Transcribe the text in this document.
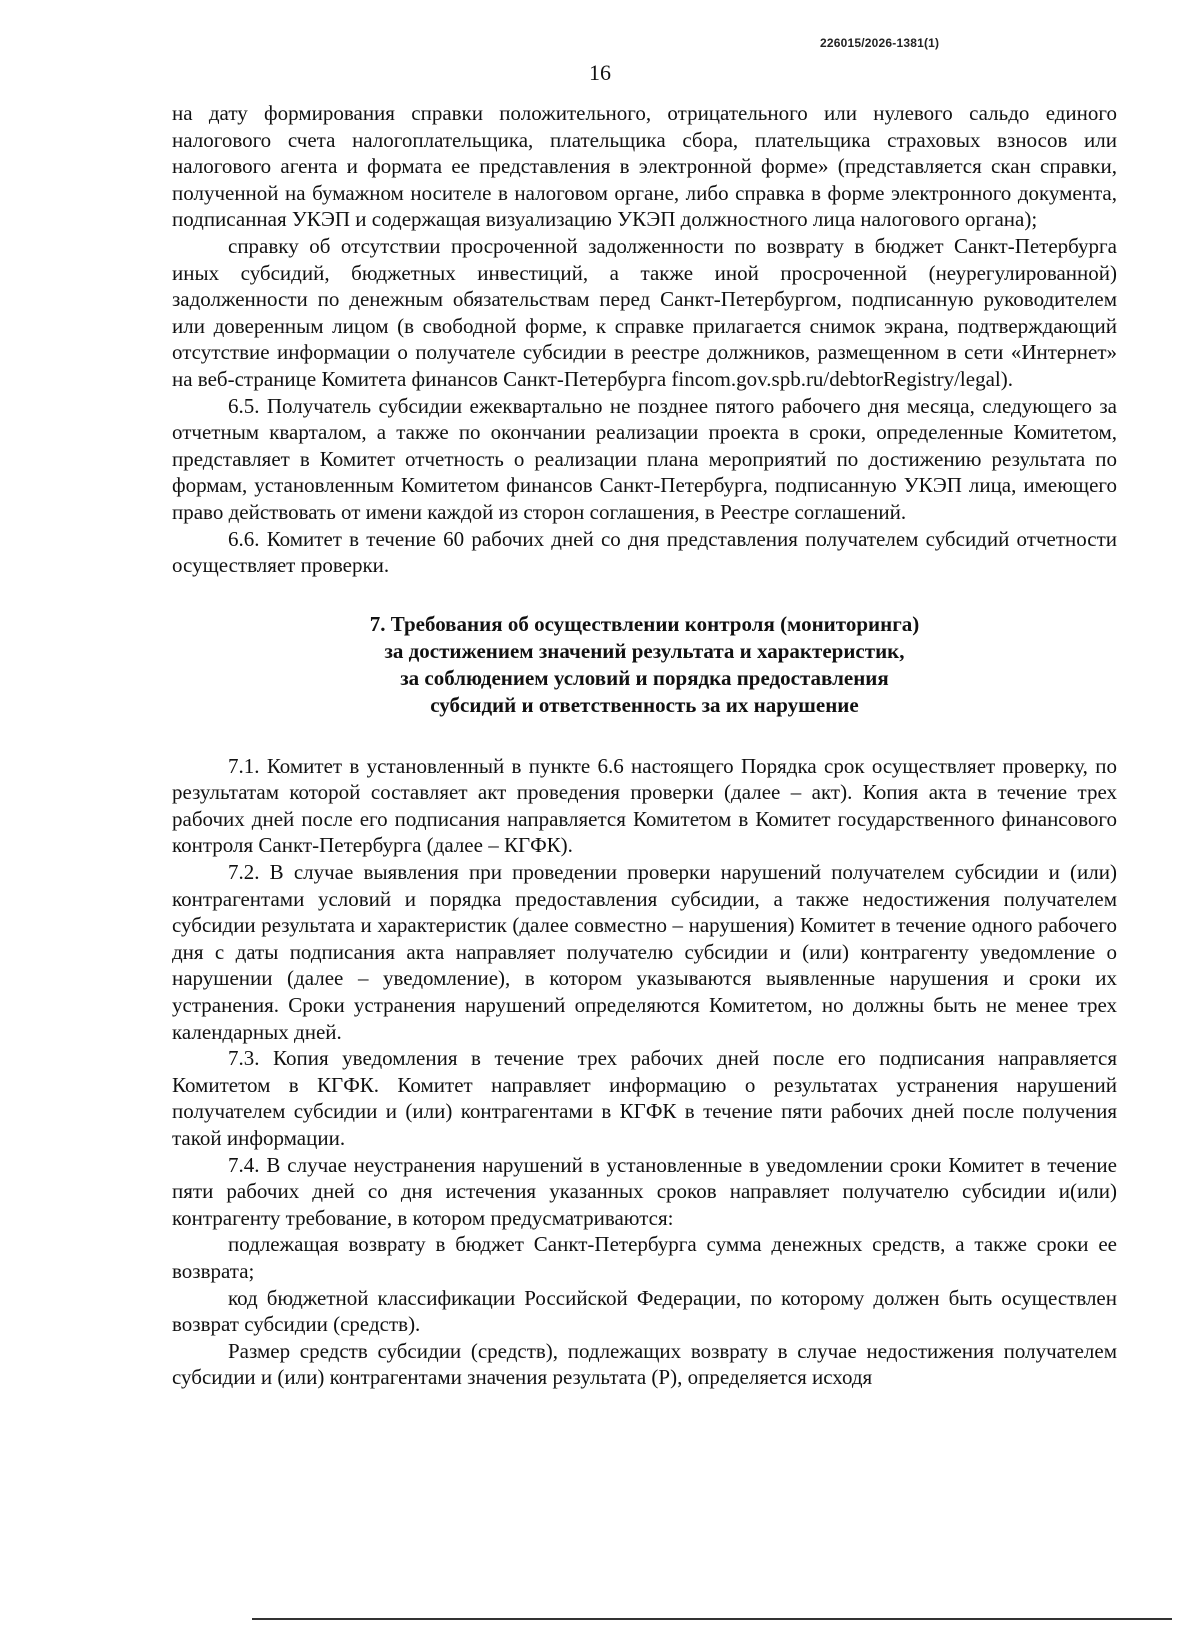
226015/2026-1381(1)
16

на дату формирования справки положительного, отрицательного или нулевого сальдо единого налогового счета налогоплательщика, плательщика сбора, плательщика страховых взносов или налогового агента и формата ее представления в электронной форме» (представляется скан справки, полученной на бумажном носителе в налоговом органе, либо справка в форме электронного документа, подписанная УКЭП и содержащая визуализацию УКЭП должностного лица налогового органа);

справку об отсутствии просроченной задолженности по возврату в бюджет Санкт-Петербурга иных субсидий, бюджетных инвестиций, а также иной просроченной (неурегулированной) задолженности по денежным обязательствам перед Санкт-Петербургом, подписанную руководителем или доверенным лицом (в свободной форме, к справке прилагается снимок экрана, подтверждающий отсутствие информации о получателе субсидии в реестре должников, размещенном в сети «Интернет» на веб-странице Комитета финансов Санкт-Петербурга fincom.gov.spb.ru/debtorRegistry/legal).

6.5. Получатель субсидии ежеквартально не позднее пятого рабочего дня месяца, следующего за отчетным кварталом, а также по окончании реализации проекта в сроки, определенные Комитетом, представляет в Комитет отчетность о реализации плана мероприятий по достижению результата по формам, установленным Комитетом финансов Санкт-Петербурга, подписанную УКЭП лица, имеющего право действовать от имени каждой из сторон соглашения, в Реестре соглашений.

6.6. Комитет в течение 60 рабочих дней со дня представления получателем субсидий отчетности осуществляет проверки.

7. Требования об осуществлении контроля (мониторинга)
за достижением значений результата и характеристик,
за соблюдением условий и порядка предоставления
субсидий и ответственность за их нарушение

7.1. Комитет в установленный в пункте 6.6 настоящего Порядка срок осуществляет проверку, по результатам которой составляет акт проведения проверки (далее – акт). Копия акта в течение трех рабочих дней после его подписания направляется Комитетом в Комитет государственного финансового контроля Санкт-Петербурга (далее – КГФК).

7.2. В случае выявления при проведении проверки нарушений получателем субсидии и (или) контрагентами условий и порядка предоставления субсидии, а также недостижения получателем субсидии результата и характеристик (далее совместно – нарушения) Комитет в течение одного рабочего дня с даты подписания акта направляет получателю субсидии и (или) контрагенту уведомление о нарушении (далее – уведомление), в котором указываются выявленные нарушения и сроки их устранения. Сроки устранения нарушений определяются Комитетом, но должны быть не менее трех календарных дней.

7.3. Копия уведомления в течение трех рабочих дней после его подписания направляется Комитетом в КГФК. Комитет направляет информацию о результатах устранения нарушений получателем субсидии и (или) контрагентами в КГФК в течение пяти рабочих дней после получения такой информации.

7.4. В случае неустранения нарушений в установленные в уведомлении сроки Комитет в течение пяти рабочих дней со дня истечения указанных сроков направляет получателю субсидии и(или) контрагенту требование, в котором предусматриваются:

подлежащая возврату в бюджет Санкт-Петербурга сумма денежных средств, а также сроки ее возврата;

код бюджетной классификации Российской Федерации, по которому должен быть осуществлен возврат субсидии (средств).

Размер средств субсидии (средств), подлежащих возврату в случае недостижения получателем субсидии и (или) контрагентами значения результата (Р), определяется исходя
